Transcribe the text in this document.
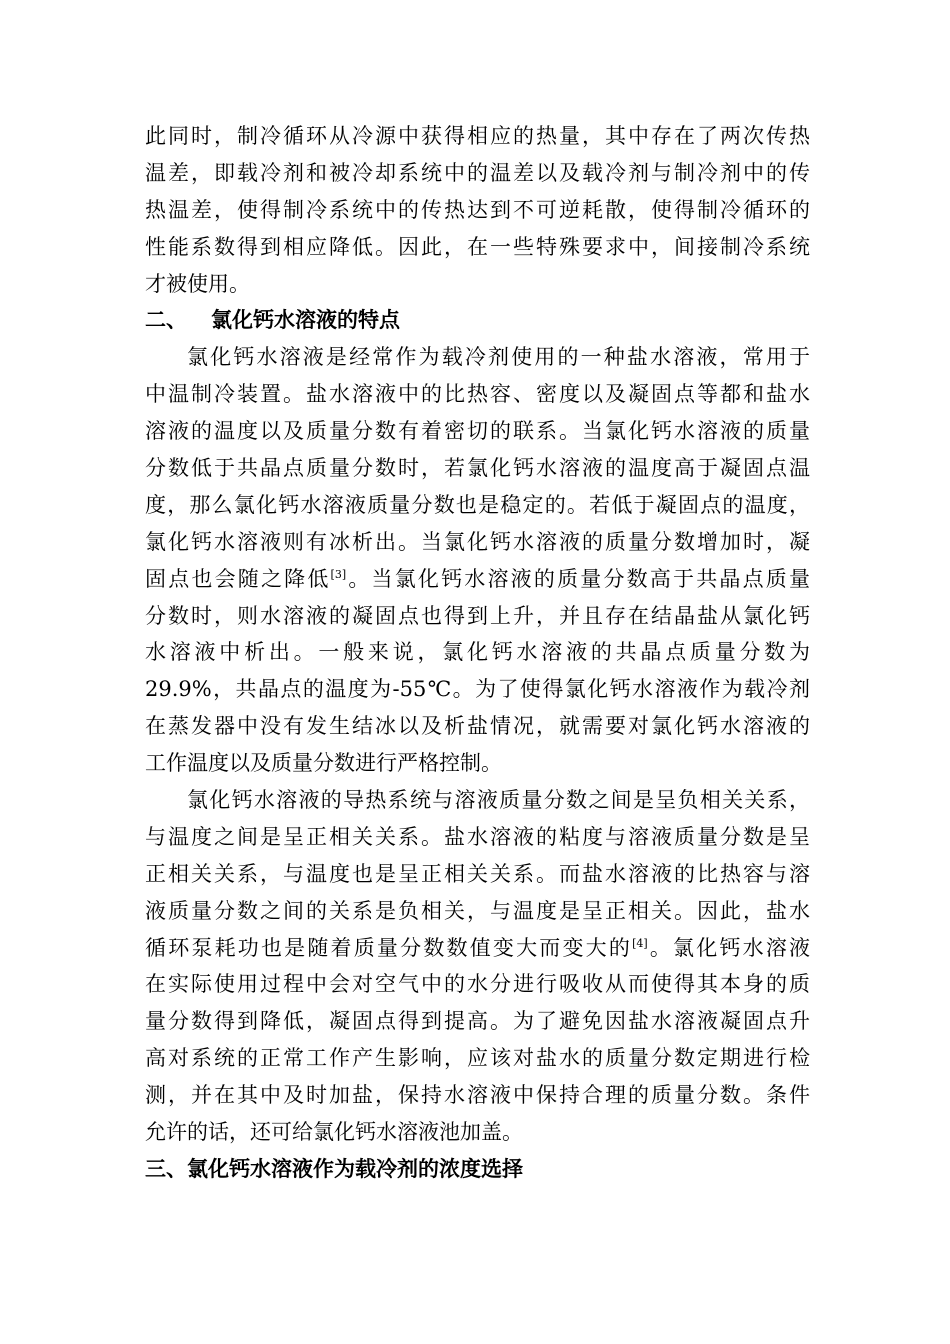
此同时，制冷循环从冷源中获得相应的热量，其中存在了两次传热
温差，即载冷剂和被冷却系统中的温差以及载冷剂与制冷剂中的传
热温差，使得制冷系统中的传热达到不可逆耗散，使得制冷循环的
性能系数得到相应降低。因此，在一些特殊要求中，间接制冷系统
才被使用。
二、 氯化钙水溶液的特点
氯化钙水溶液是经常作为载冷剂使用的一种盐水溶液，常用于
中温制冷装置。盐水溶液中的比热容、密度以及凝固点等都和盐水
溶液的温度以及质量分数有着密切的联系。当氯化钙水溶液的质量
分数低于共晶点质量分数时，若氯化钙水溶液的温度高于凝固点温
度，那么氯化钙水溶液质量分数也是稳定的。若低于凝固点的温度，
氯化钙水溶液则有冰析出。当氯化钙水溶液的质量分数增加时，凝
固点也会随之降低[3]。当氯化钙水溶液的质量分数高于共晶点质量
分数时，则水溶液的凝固点也得到上升，并且存在结晶盐从氯化钙
水溶液中析出。一般来说，氯化钙水溶液的共晶点质量分数为
29.9%，共晶点的温度为-55℃。为了使得氯化钙水溶液作为载冷剂
在蒸发器中没有发生结冰以及析盐情况，就需要对氯化钙水溶液的
工作温度以及质量分数进行严格控制。
氯化钙水溶液的导热系统与溶液质量分数之间是呈负相关关系，
与温度之间是呈正相关关系。盐水溶液的粘度与溶液质量分数是呈
正相关关系，与温度也是呈正相关关系。而盐水溶液的比热容与溶
液质量分数之间的关系是负相关，与温度是呈正相关。因此，盐水
循环泵耗功也是随着质量分数数值变大而变大的[4]。氯化钙水溶液
在实际使用过程中会对空气中的水分进行吸收从而使得其本身的质
量分数得到降低，凝固点得到提高。为了避免因盐水溶液凝固点升
高对系统的正常工作产生影响，应该对盐水的质量分数定期进行检
测，并在其中及时加盐，保持水溶液中保持合理的质量分数。条件
允许的话，还可给氯化钙水溶液池加盖。
三、氯化钙水溶液作为载冷剂的浓度选择
